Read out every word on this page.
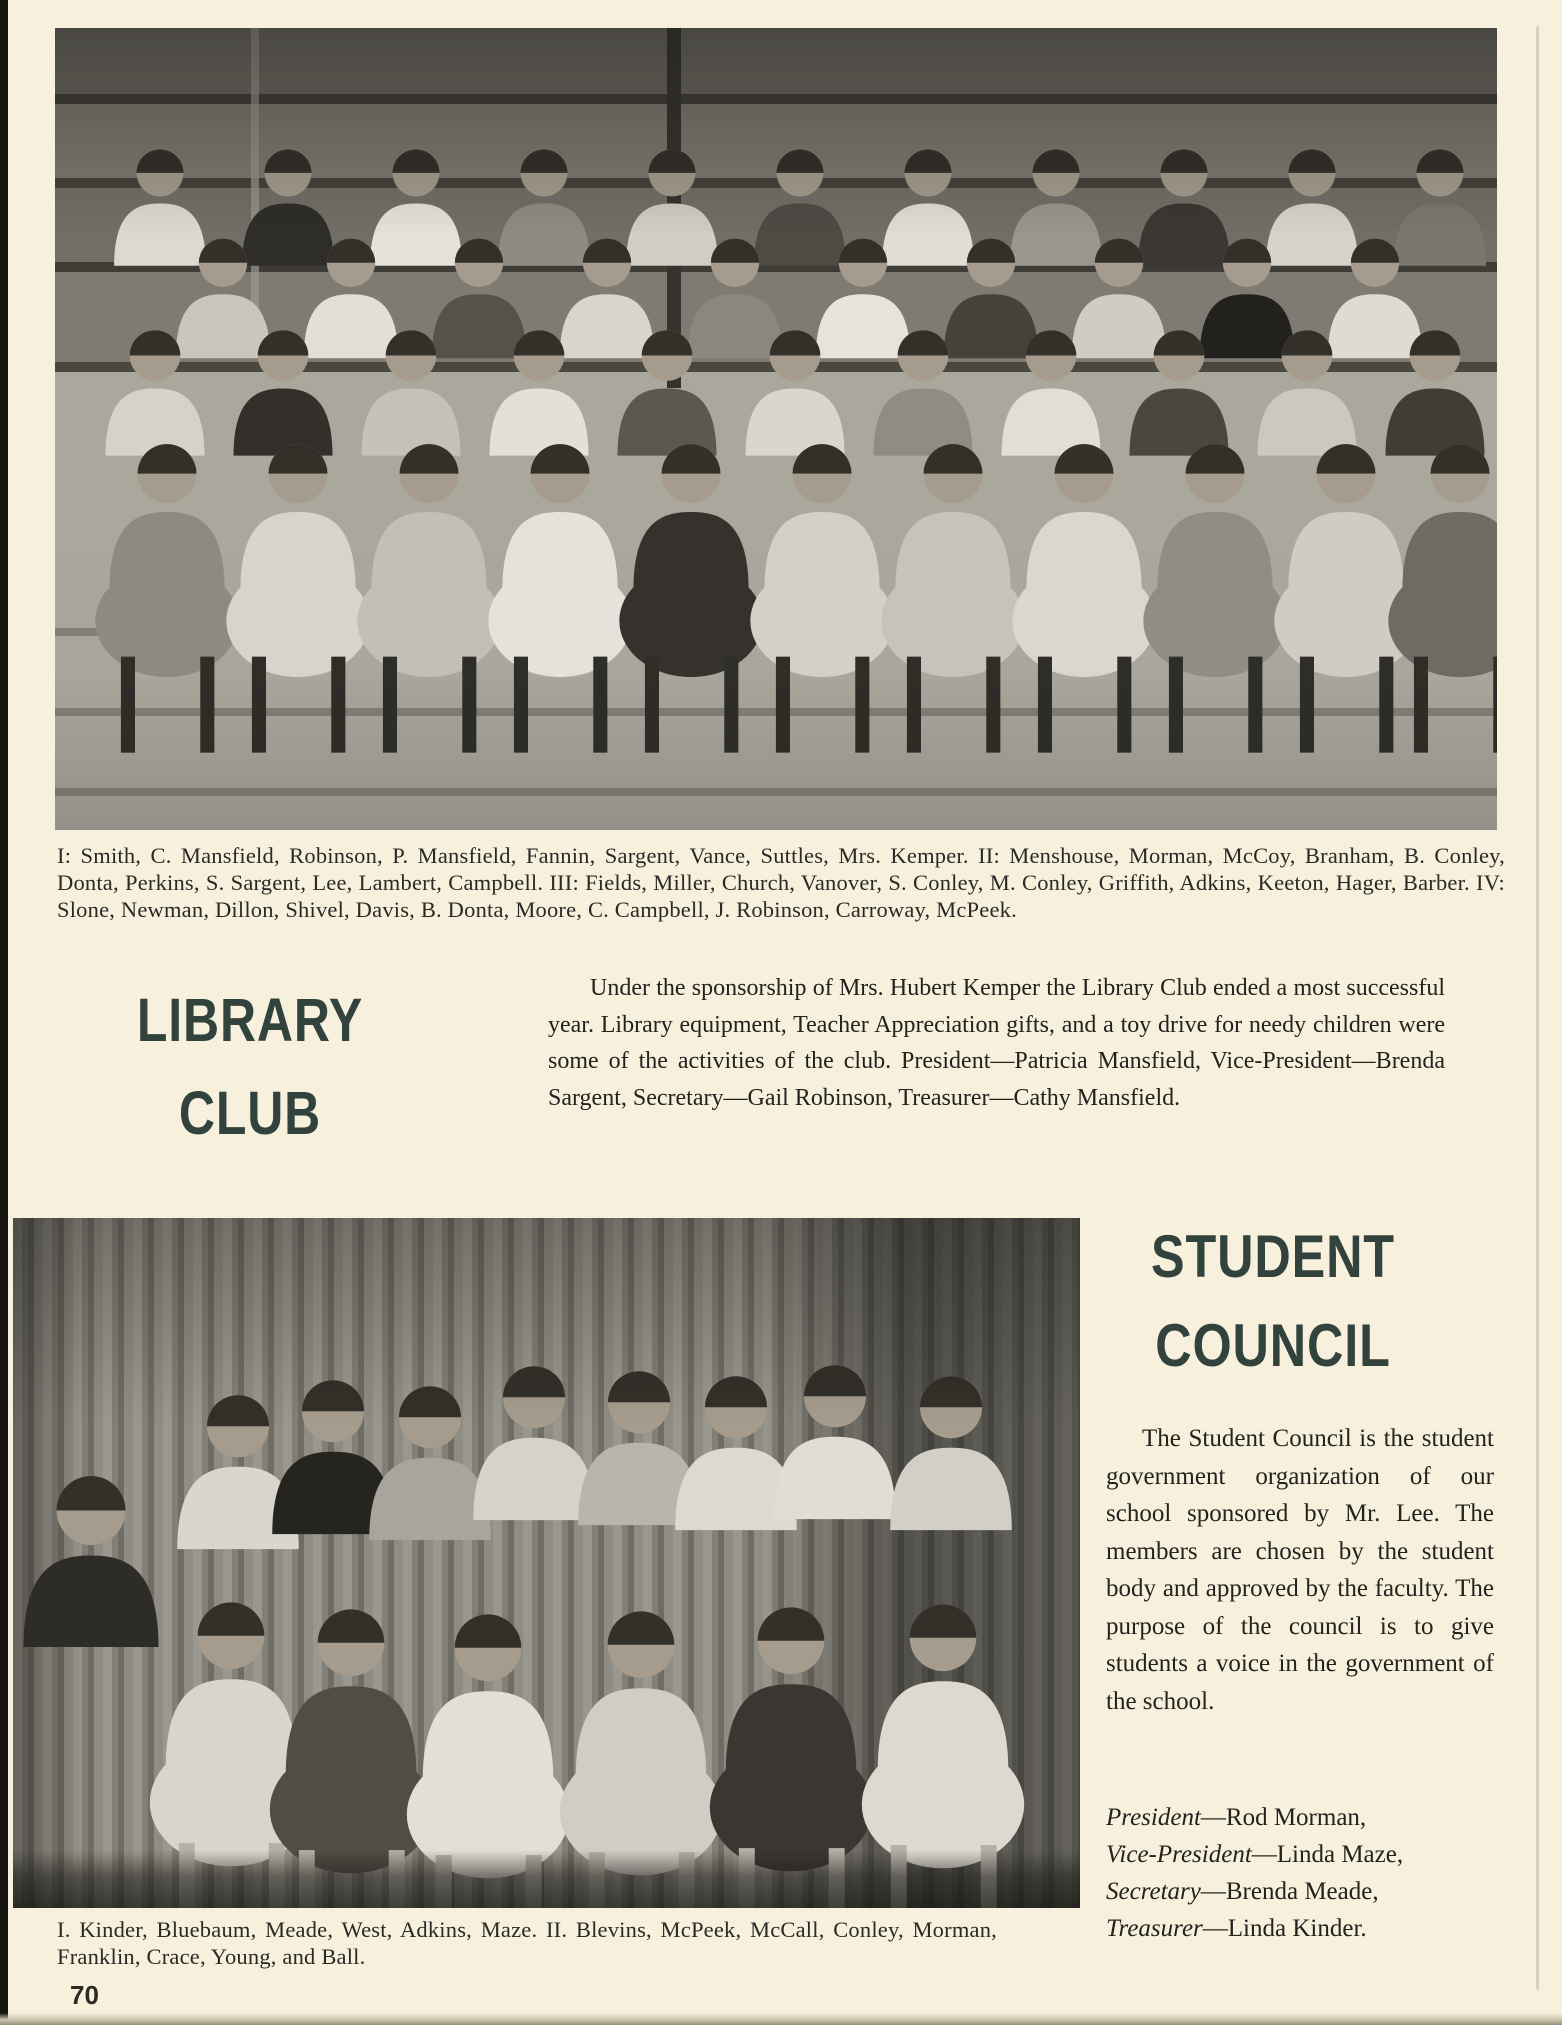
I: Smith, C. Mansfield, Robinson, P. Mansfield, Fannin, Sargent, Vance, Suttles, Mrs. Kemper. II: Menshouse, Morman, McCoy, Branham, B. Conley, Donta, Perkins, S. Sargent, Lee, Lambert, Campbell. III: Fields, Miller, Church, Vanover, S. Conley, M. Conley, Griffith, Adkins, Keeton, Hager, Barber. IV: Slone, Newman, Dillon, Shivel, Davis, B. Donta, Moore, C. Campbell, J. Robinson, Carroway, McPeek.
LIBRARY
CLUB
Under the sponsorship of Mrs. Hubert Kemper the Library Club ended a most successful year. Library equipment, Teacher Appreciation gifts, and a toy drive for needy children were some of the activities of the club. President—Patricia Mansfield, Vice-President—Brenda Sargent, Secretary—Gail Robinson, Treasurer—Cathy Mansfield.
STUDENT
COUNCIL
The Student Council is the student government organization of our school sponsored by Mr. Lee. The members are chosen by the student body and approved by the faculty. The purpose of the council is to give students a voice in the government of the school.
President—Rod Morman,
Vice-President—Linda Maze,
Secretary—Brenda Meade,
Treasurer—Linda Kinder.
I. Kinder, Bluebaum, Meade, West, Adkins, Maze. II. Blevins, McPeek, McCall, Conley, Morman, Franklin, Crace, Young, and Ball.
70
